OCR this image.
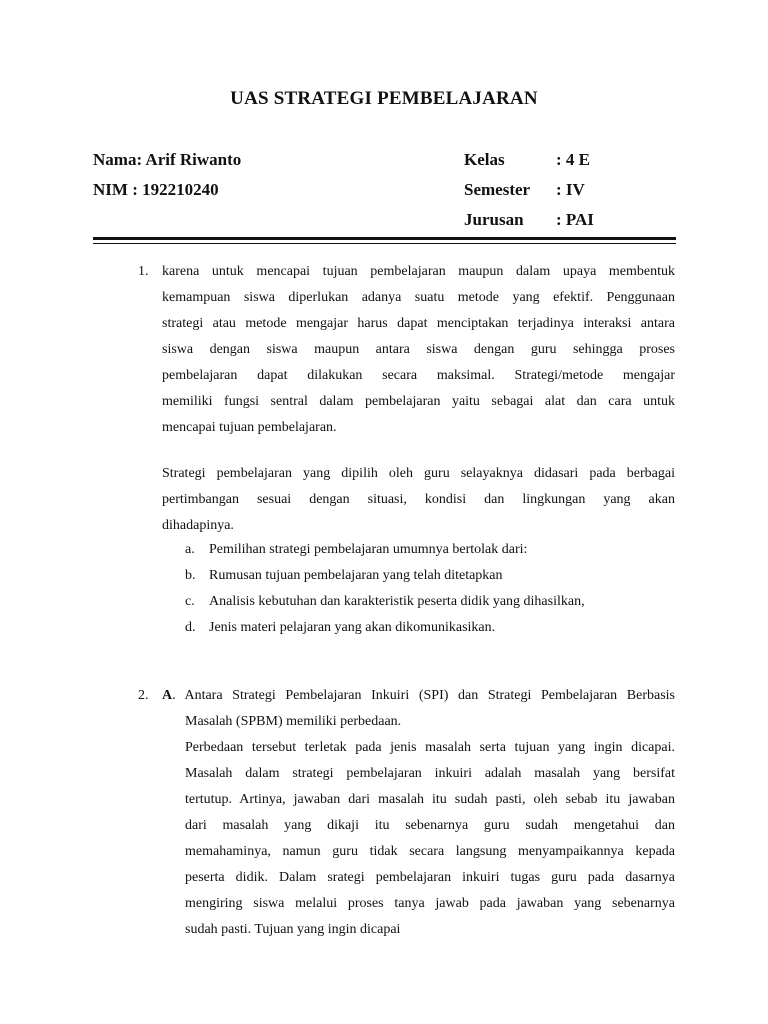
UAS STRATEGI PEMBELAJARAN
Nama: Arif Riwanto
NIM : 192210240
Kelas	: 4 E
Semester : IV
Jurusan : PAI
1. karena untuk mencapai tujuan pembelajaran maupun dalam upaya membentuk
kemampuan siswa diperlukan adanya suatu metode yang efektif. Penggunaan
strategi atau metode mengajar harus dapat menciptakan terjadinya interaksi antara
siswa dengan siswa maupun antara siswa dengan guru sehingga proses
pembelajaran dapat dilakukan secara maksimal. Strategi/metode mengajar
memiliki fungsi sentral dalam pembelajaran yaitu sebagai alat dan cara untuk
mencapai tujuan pembelajaran.
Strategi pembelajaran yang dipilih oleh guru selayaknya didasari pada berbagai
pertimbangan sesuai dengan situasi, kondisi dan lingkungan yang akan
dihadapinya.
a. Pemilihan strategi pembelajaran umumnya bertolak dari:
b. Rumusan tujuan pembelajaran yang telah ditetapkan
c. Analisis kebutuhan dan karakteristik peserta didik yang dihasilkan,
d. Jenis materi pelajaran yang akan dikomunikasikan.
2. A. Antara Strategi Pembelajaran Inkuiri (SPI) dan Strategi Pembelajaran Berbasis
Masalah (SPBM) memiliki perbedaan.
Perbedaan tersebut terletak pada jenis masalah serta tujuan yang ingin dicapai.
Masalah dalam strategi pembelajaran inkuiri adalah masalah yang bersifat
tertutup. Artinya, jawaban dari masalah itu sudah pasti, oleh sebab itu jawaban
dari masalah yang dikaji itu sebenarnya guru sudah mengetahui dan
memahaminya, namun guru tidak secara langsung menyampaikannya kepada
peserta didik. Dalam srategi pembelajaran inkuiri tugas guru pada dasarnya
mengiring siswa melalui proses tanya jawab pada jawaban yang sebenarnya
sudah pasti. Tujuan yang ingin dicapai
